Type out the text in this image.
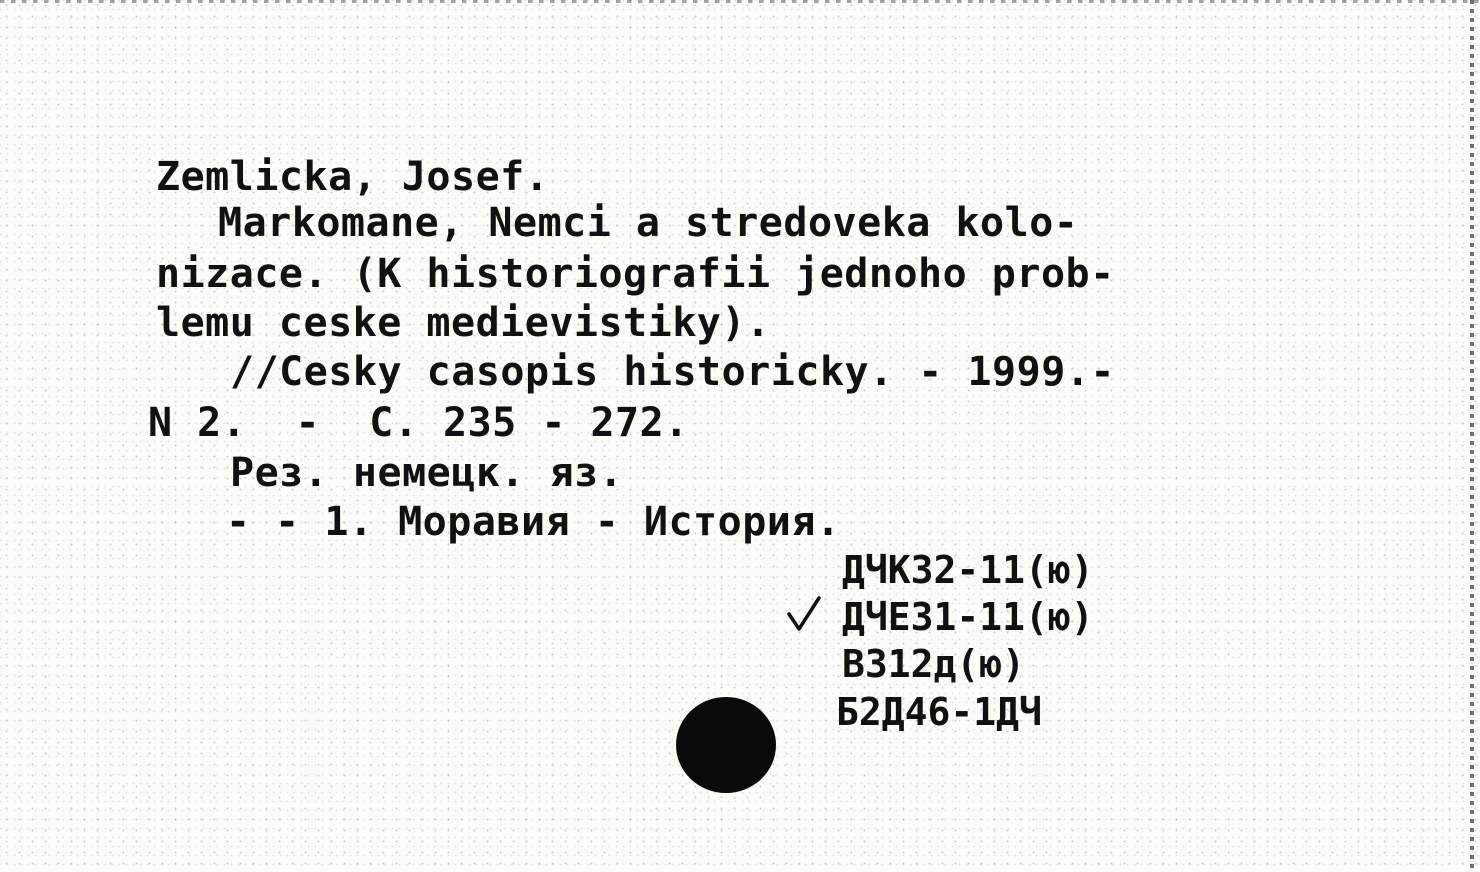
Zemlicka, Josef.
Markomane, Nemci a stredoveka kolo-
nizace. (K historiografii jednoho prob-
lemu ceske medievistiky).
//Cesky casopis historicky. - 1999.-
N 2.  -  C. 235 - 272.
Рез. немецк. яз.
- - 1. Моравия - История.
ДЧК32-11(ю)
ДЧЕ31-11(ю)
В312д(ю)
Б2Д46-1ДЧ
